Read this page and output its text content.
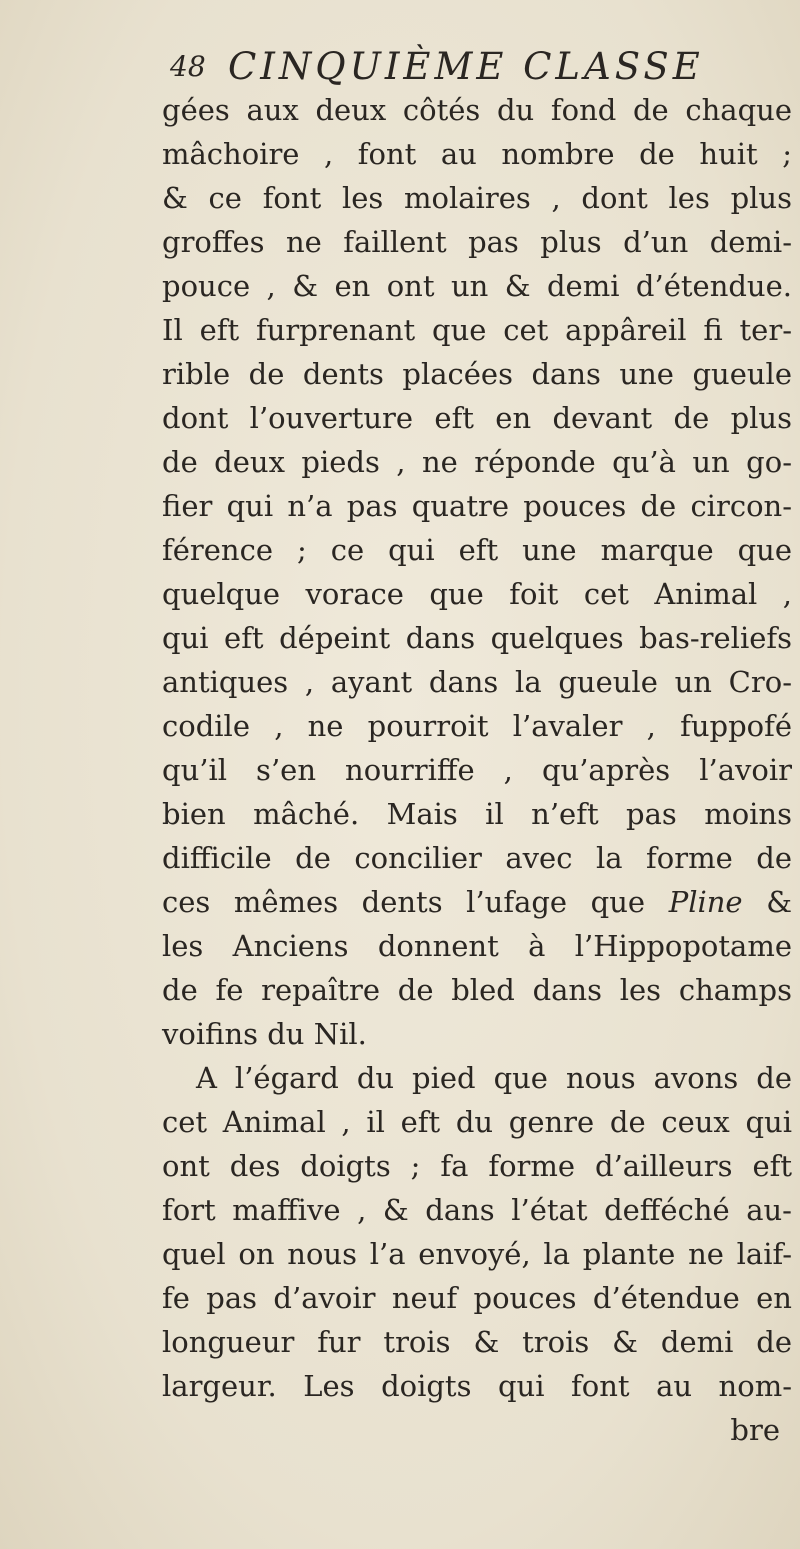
48 CINQUIÈME CLASSE
gées aux deux côtés du fond de chaque
mâchoire , font au nombre de huit ;
& ce font les molaires , dont les plus
groffes ne faillent pas plus d’un demi-
pouce , & en ont un & demi d’étendue.
Il eft furprenant que cet appâreil fi ter-
rible de dents placées dans une gueule
dont l’ouverture eft en devant de plus
de deux pieds , ne réponde qu’à un go-
fier qui n’a pas quatre pouces de circon-
férence ; ce qui eft une marque que
quelque vorace que foit cet Animal ,
qui eft dépeint dans quelques bas-reliefs
antiques , ayant dans la gueule un Cro-
codile , ne pourroit l’avaler , fuppofé
qu’il s’en nourriffe , qu’après l’avoir
bien mâché. Mais il n’eft pas moins
difficile de concilier avec la forme de
ces mêmes dents l’ufage que Pline &
les Anciens donnent à l’Hippopotame
de fe repaître de bled dans les champs
voifins du Nil.
A l’égard du pied que nous avons de
cet Animal , il eft du genre de ceux qui
ont des doigts ; fa forme d’ailleurs eft
fort maffive , & dans l’état defféché au-
quel on nous l’a envoyé, la plante ne laif-
fe pas d’avoir neuf pouces d’étendue en
longueur fur trois & trois & demi de
largeur. Les doigts qui font au nom-
bre
